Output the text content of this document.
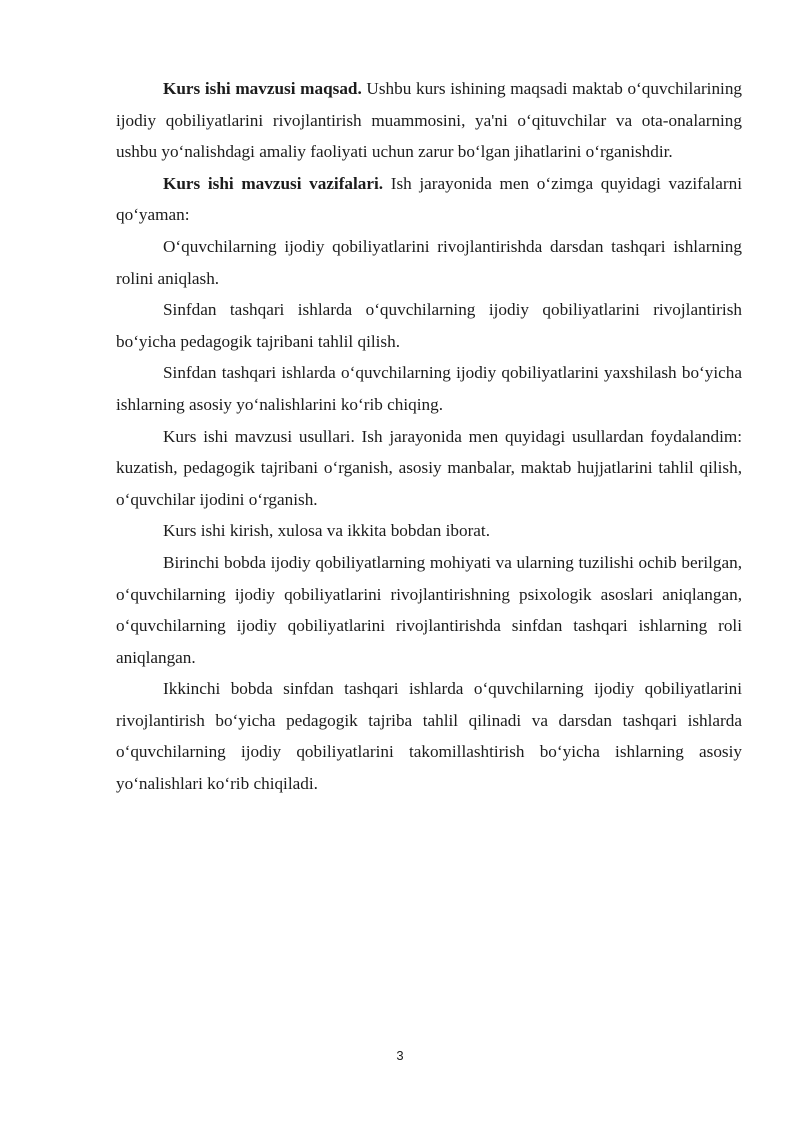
Kurs ishi mavzusi maqsad. Ushbu kurs ishining maqsadi maktab o‘quvchilarining ijodiy qobiliyatlarini rivojlantirish muammosini, ya'ni o‘qituvchilar va ota-onalarning ushbu yo‘nalishdagi amaliy faoliyati uchun zarur bo‘lgan jihatlarini o‘rganishdir.

Kurs ishi mavzusi vazifalari. Ish jarayonida men o‘zimga quyidagi vazifalarni qo‘yaman:

O‘quvchilarning ijodiy qobiliyatlarini rivojlantirishda darsdan tashqari ishlarning rolini aniqlash.

Sinfdan tashqari ishlarda o‘quvchilarning ijodiy qobiliyatlarini rivojlantirish bo‘yicha pedagogik tajribani tahlil qilish.

Sinfdan tashqari ishlarda o‘quvchilarning ijodiy qobiliyatlarini yaxshilash bo‘yicha ishlarning asosiy yo‘nalishlarini ko‘rib chiqing.

Kurs ishi mavzusi usullari. Ish jarayonida men quyidagi usullardan foydalandim: kuzatish, pedagogik tajribani o‘rganish, asosiy manbalar, maktab hujjatlarini tahlil qilish, o‘quvchilar ijodini o‘rganish.

Kurs ishi kirish, xulosa va ikkita bobdan iborat.

Birinchi bobda ijodiy qobiliyatlarning mohiyati va ularning tuzilishi ochib berilgan, o‘quvchilarning ijodiy qobiliyatlarini rivojlantirishning psixologik asoslari aniqlangan, o‘quvchilarning ijodiy qobiliyatlarini rivojlantirishda sinfdan tashqari ishlarning roli aniqlangan.

Ikkinchi bobda sinfdan tashqari ishlarda o‘quvchilarning ijodiy qobiliyatlarini rivojlantirish bo‘yicha pedagogik tajriba tahlil qilinadi va darsdan tashqari ishlarda o‘quvchilarning ijodiy qobiliyatlarini takomillashtirish bo‘yicha ishlarning asosiy yo‘nalishlari ko‘rib chiqiladi.

3
